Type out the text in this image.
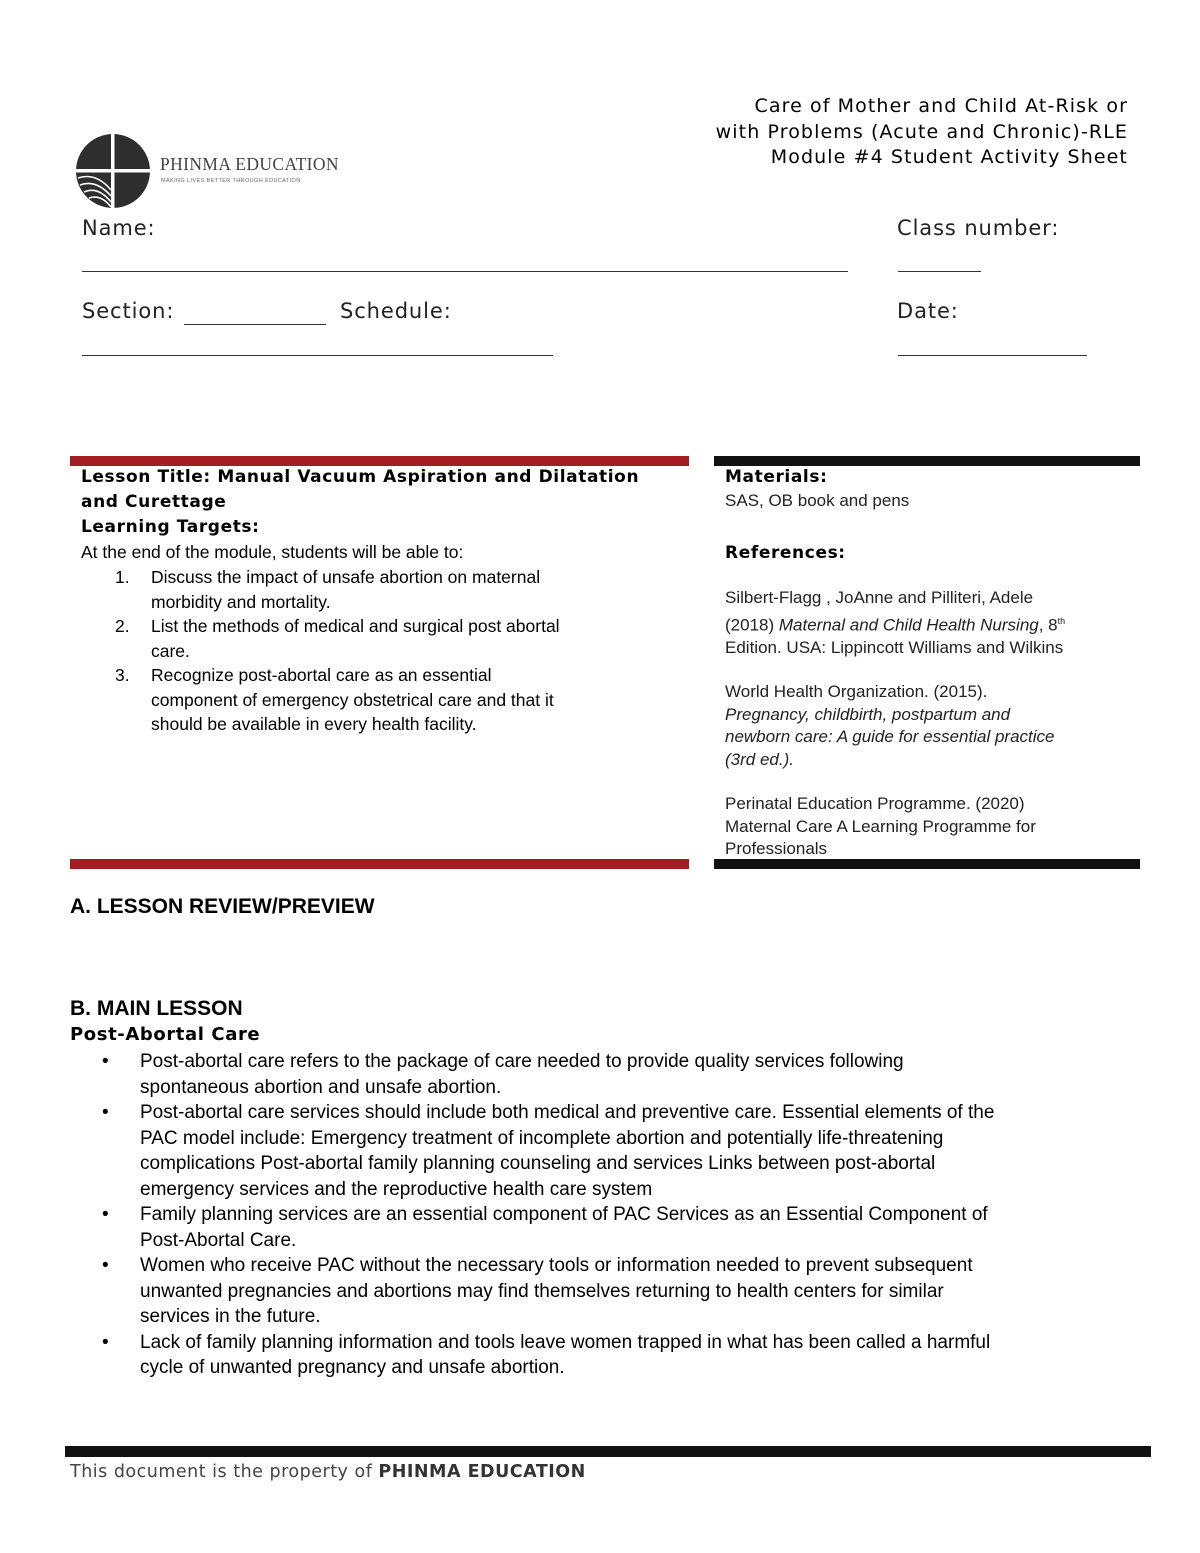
Care of Mother and Child At-Risk or
with Problems (Acute and Chronic)-RLE
Module #4 Student Activity Sheet
PHINMA EDUCATION
MAKING LIVES BETTER THROUGH EDUCATION
Name:	Class number:
Section:	Schedule:	Date:
Lesson Title: Manual Vacuum Aspiration and Dilatation
and Curettage
Learning Targets:
At the end of the module, students will be able to:
1. Discuss the impact of unsafe abortion on maternal
morbidity and mortality.
2. List the methods of medical and surgical post abortal
care.
3. Recognize post-abortal care as an essential
component of emergency obstetrical care and that it
should be available in every health facility.
Materials:
SAS, OB book and pens
References:
Silbert-Flagg , JoAnne and Pilliteri, Adele
(2018) Maternal and Child Health Nursing, 8th
Edition. USA: Lippincott Williams and Wilkins
World Health Organization. (2015).
Pregnancy, childbirth, postpartum and
newborn care: A guide for essential practice
(3rd ed.).
Perinatal Education Programme. (2020)
Maternal Care A Learning Programme for
Professionals
A. LESSON REVIEW/PREVIEW
B. MAIN LESSON
Post-Abortal Care
• Post-abortal care refers to the package of care needed to provide quality services following
spontaneous abortion and unsafe abortion.
• Post-abortal care services should include both medical and preventive care. Essential elements of the
PAC model include: Emergency treatment of incomplete abortion and potentially life-threatening
complications Post-abortal family planning counseling and services Links between post-abortal
emergency services and the reproductive health care system
• Family planning services are an essential component of PAC Services as an Essential Component of
Post-Abortal Care.
• Women who receive PAC without the necessary tools or information needed to prevent subsequent
unwanted pregnancies and abortions may find themselves returning to health centers for similar
services in the future.
• Lack of family planning information and tools leave women trapped in what has been called a harmful
cycle of unwanted pregnancy and unsafe abortion.
This document is the property of PHINMA EDUCATION
